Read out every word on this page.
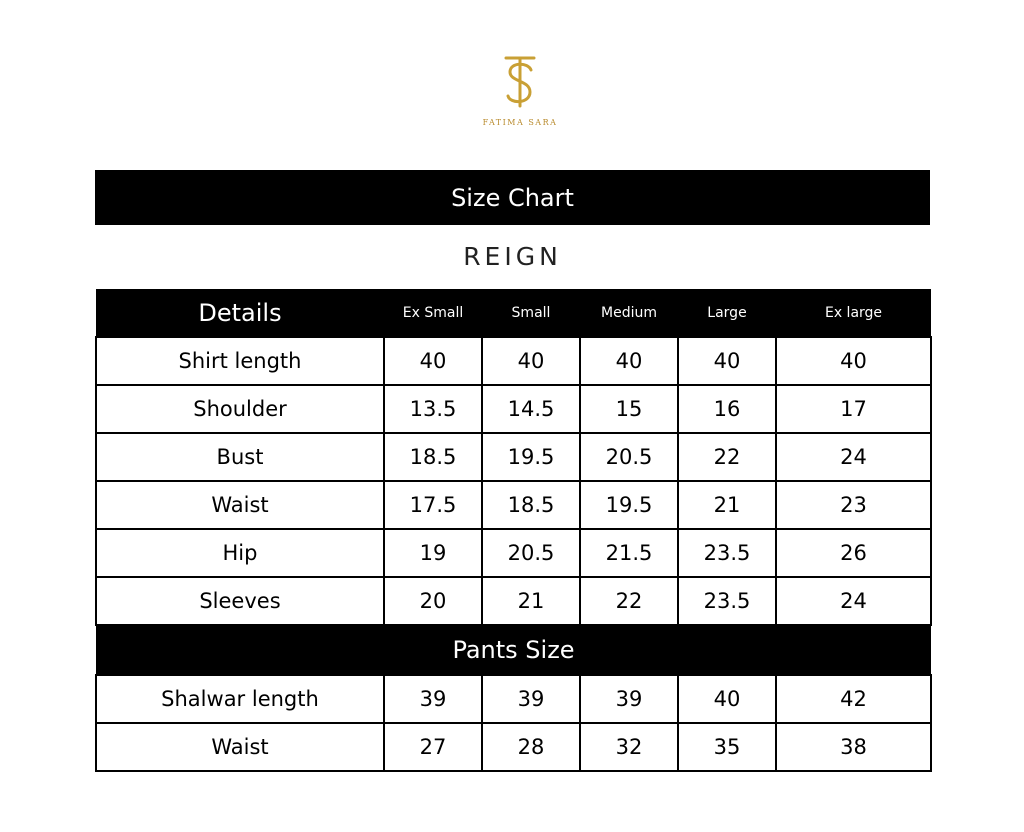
FATIMA SARA
Size Chart
REIGN
Details	Ex Small	Small	Medium	Large	Ex large
Shirt length	40	40	40	40	40
Shoulder	13.5	14.5	15	16	17
Bust	18.5	19.5	20.5	22	24
Waist	17.5	18.5	19.5	21	23
Hip	19	20.5	21.5	23.5	26
Sleeves	20	21	22	23.5	24
Pants Size					
Shalwar length	39	39	39	40	42
Waist	27	28	32	35	38
